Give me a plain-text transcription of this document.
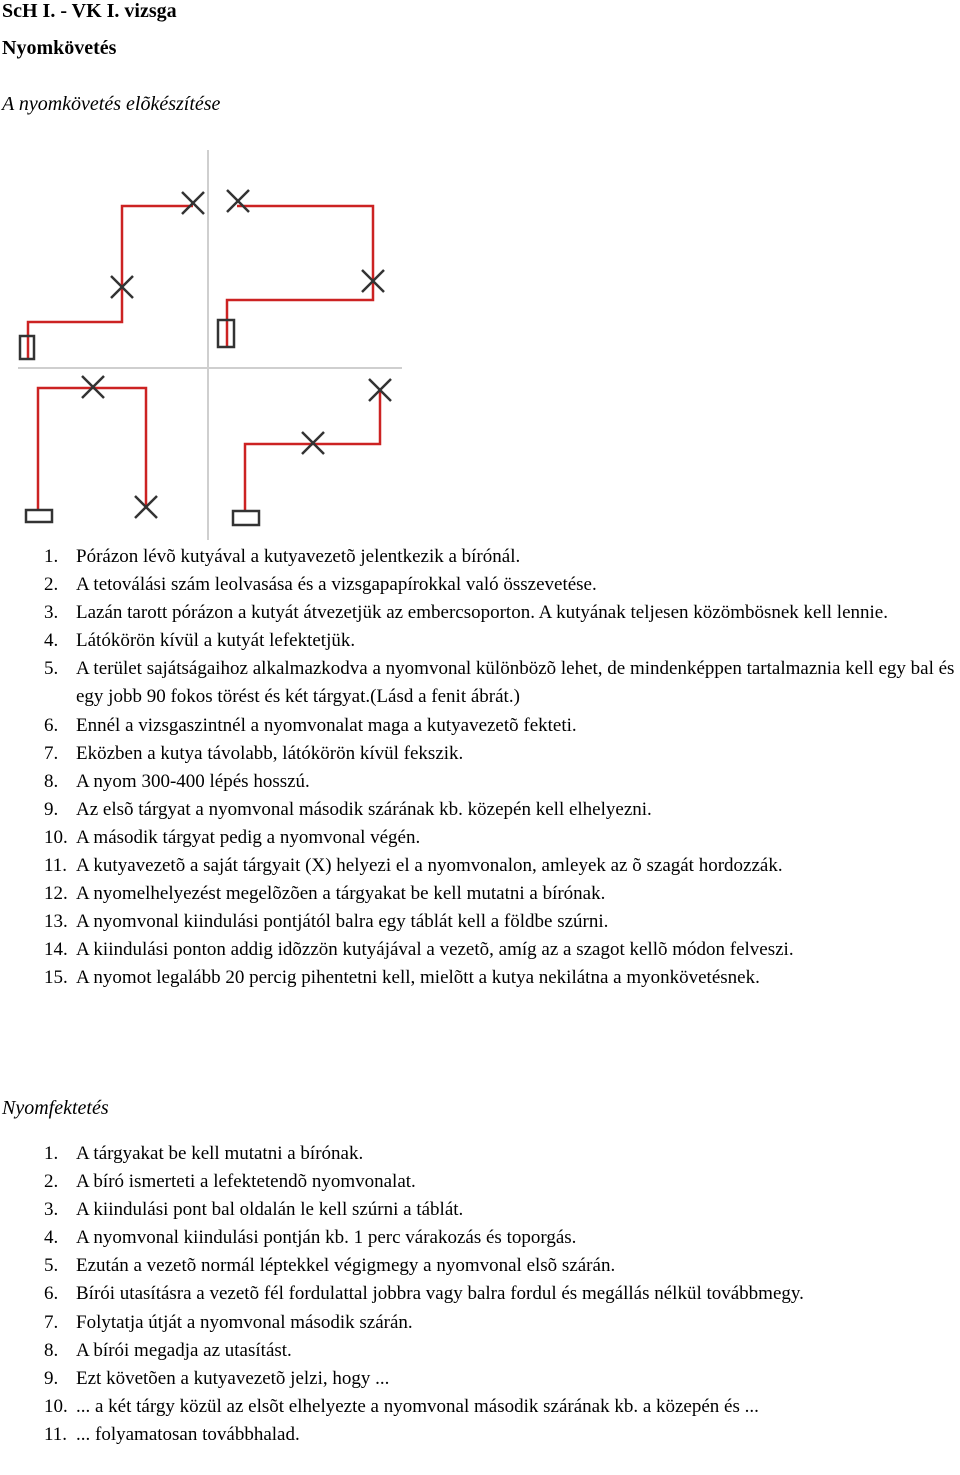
ScH I. - VK I. vizsga
Nyomkövetés
A nyomkövetés elõkészítése
1. Pórázon lévõ kutyával a kutyavezetõ jelentkezik a bírónál.
2. A tetoválási szám leolvasása és a vizsgapapírokkal való összevetése.
3. Lazán tarott pórázon a kutyát átvezetjük az embercsoporton. A kutyának teljesen közömbösnek kell lennie.
4. Látókörön kívül a kutyát lefektetjük.
5. A terület sajátságaihoz alkalmazkodva a nyomvonal különbözõ lehet, de mindenképpen tartalmaznia kell egy bal és egy jobb 90 fokos törést és két tárgyat.(Lásd a fenit ábrát.)
6. Ennél a vizsgaszintnél a nyomvonalat maga a kutyavezetõ fekteti.
7. Eközben a kutya távolabb, látókörön kívül fekszik.
8. A nyom 300-400 lépés hosszú.
9. Az elsõ tárgyat a nyomvonal második szárának kb. közepén kell elhelyezni.
10. A második tárgyat pedig a nyomvonal végén.
11. A kutyavezetõ a saját tárgyait (X) helyezi el a nyomvonalon, amleyek az õ szagát hordozzák.
12. A nyomelhelyezést megelõzõen a tárgyakat be kell mutatni a bírónak.
13. A nyomvonal kiindulási pontjától balra egy táblát kell a földbe szúrni.
14. A kiindulási ponton addig idõzzön kutyájával a vezetõ, amíg az a szagot kellõ módon felveszi.
15. A nyomot legalább 20 percig pihentetni kell, mielõtt a kutya nekilátna a myonkövetésnek.
Nyomfektetés
1. A tárgyakat be kell mutatni a bírónak.
2. A bíró ismerteti a lefektetendõ nyomvonalat.
3. A kiindulási pont bal oldalán le kell szúrni a táblát.
4. A nyomvonal kiindulási pontján kb. 1 perc várakozás és toporgás.
5. Ezután a vezetõ normál léptekkel végigmegy a nyomvonal elsõ szárán.
6. Bírói utasításra a vezetõ fél fordulattal jobbra vagy balra fordul és megállás nélkül továbbmegy.
7. Folytatja útját a nyomvonal második szárán.
8. A bírói megadja az utasítást.
9. Ezt követõen a kutyavezetõ jelzi, hogy ...
10. ... a két tárgy közül az elsõt elhelyezte a nyomvonal második szárának kb. a közepén és ...
11. ... folyamatosan továbbhalad.
